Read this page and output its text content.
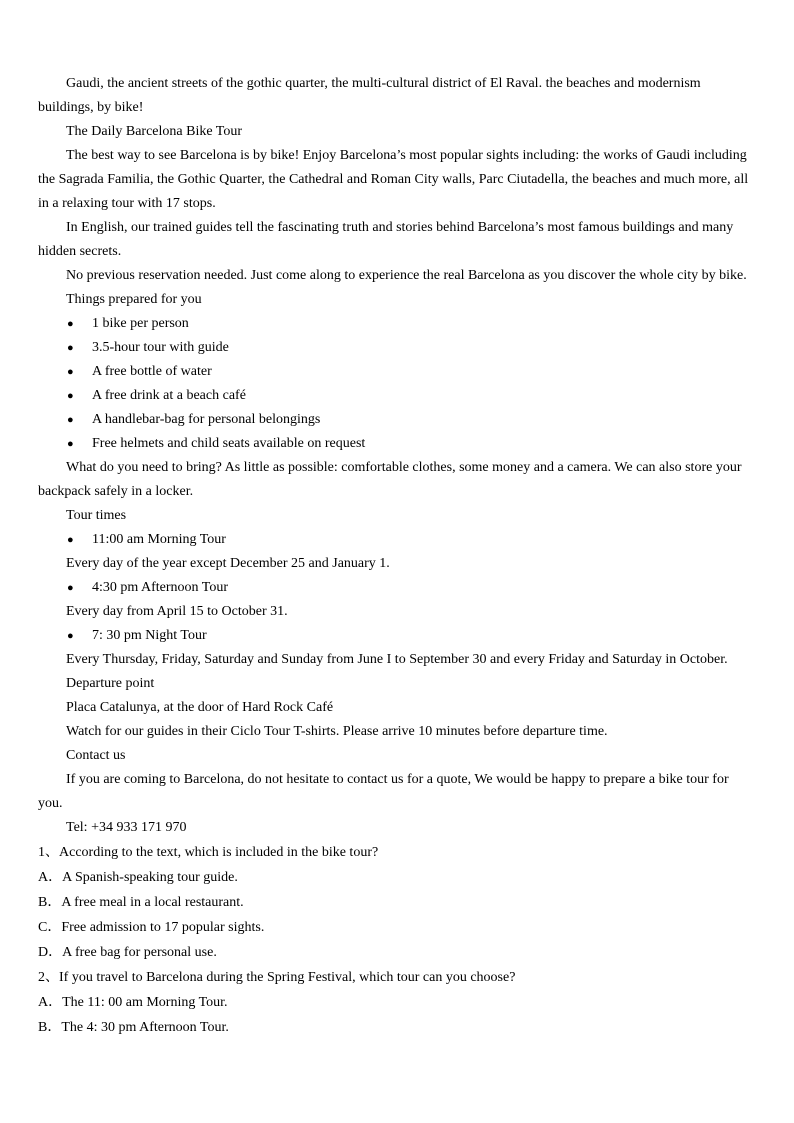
Gaudi, the ancient streets of the gothic quarter, the multi-cultural district of El Raval. the beaches and modernism buildings, by bike!

The Daily Barcelona Bike Tour

The best way to see Barcelona is by bike! Enjoy Barcelona’s most popular sights including: the works of Gaudi including the Sagrada Familia, the Gothic Quarter, the Cathedral and Roman City walls, Parc Ciutadella, the beaches and much more, all in a relaxing tour with 17 stops.

In English, our trained guides tell the fascinating truth and stories behind Barcelona’s most famous buildings and many hidden secrets.

No previous reservation needed. Just come along to experience the real Barcelona as you discover the whole city by bike.

Things prepared for you

● 1 bike per person

● 3.5-hour tour with guide

● A free bottle of water

● A free drink at a beach café

● A handlebar-bag for personal belongings

● Free helmets and child seats available on request

What do you need to bring? As little as possible: comfortable clothes, some money and a camera. We can also store your backpack safely in a locker.

Tour times

● 11:00 am Morning Tour

Every day of the year except December 25 and January 1.

● 4:30 pm Afternoon Tour

Every day from April 15 to October 31.

● 7: 30 pm Night Tour

Every Thursday, Friday, Saturday and Sunday from June I to September 30 and every Friday and Saturday in October.

Departure point

Placa Catalunya, at the door of Hard Rock Café

Watch for our guides in their Ciclo Tour T-shirts. Please arrive 10 minutes before departure time.

Contact us

If you are coming to Barcelona, do not hesitate to contact us for a quote, We would be happy to prepare a bike tour for you.

Tel: +34 933 171 970

1、According to the text, which is included in the bike tour?

A．A Spanish-speaking tour guide.

B．A free meal in a local restaurant.

C．Free admission to 17 popular sights.

D．A free bag for personal use.

2、If you travel to Barcelona during the Spring Festival, which tour can you choose?

A．The 11: 00 am Morning Tour.

B．The 4: 30 pm Afternoon Tour.
